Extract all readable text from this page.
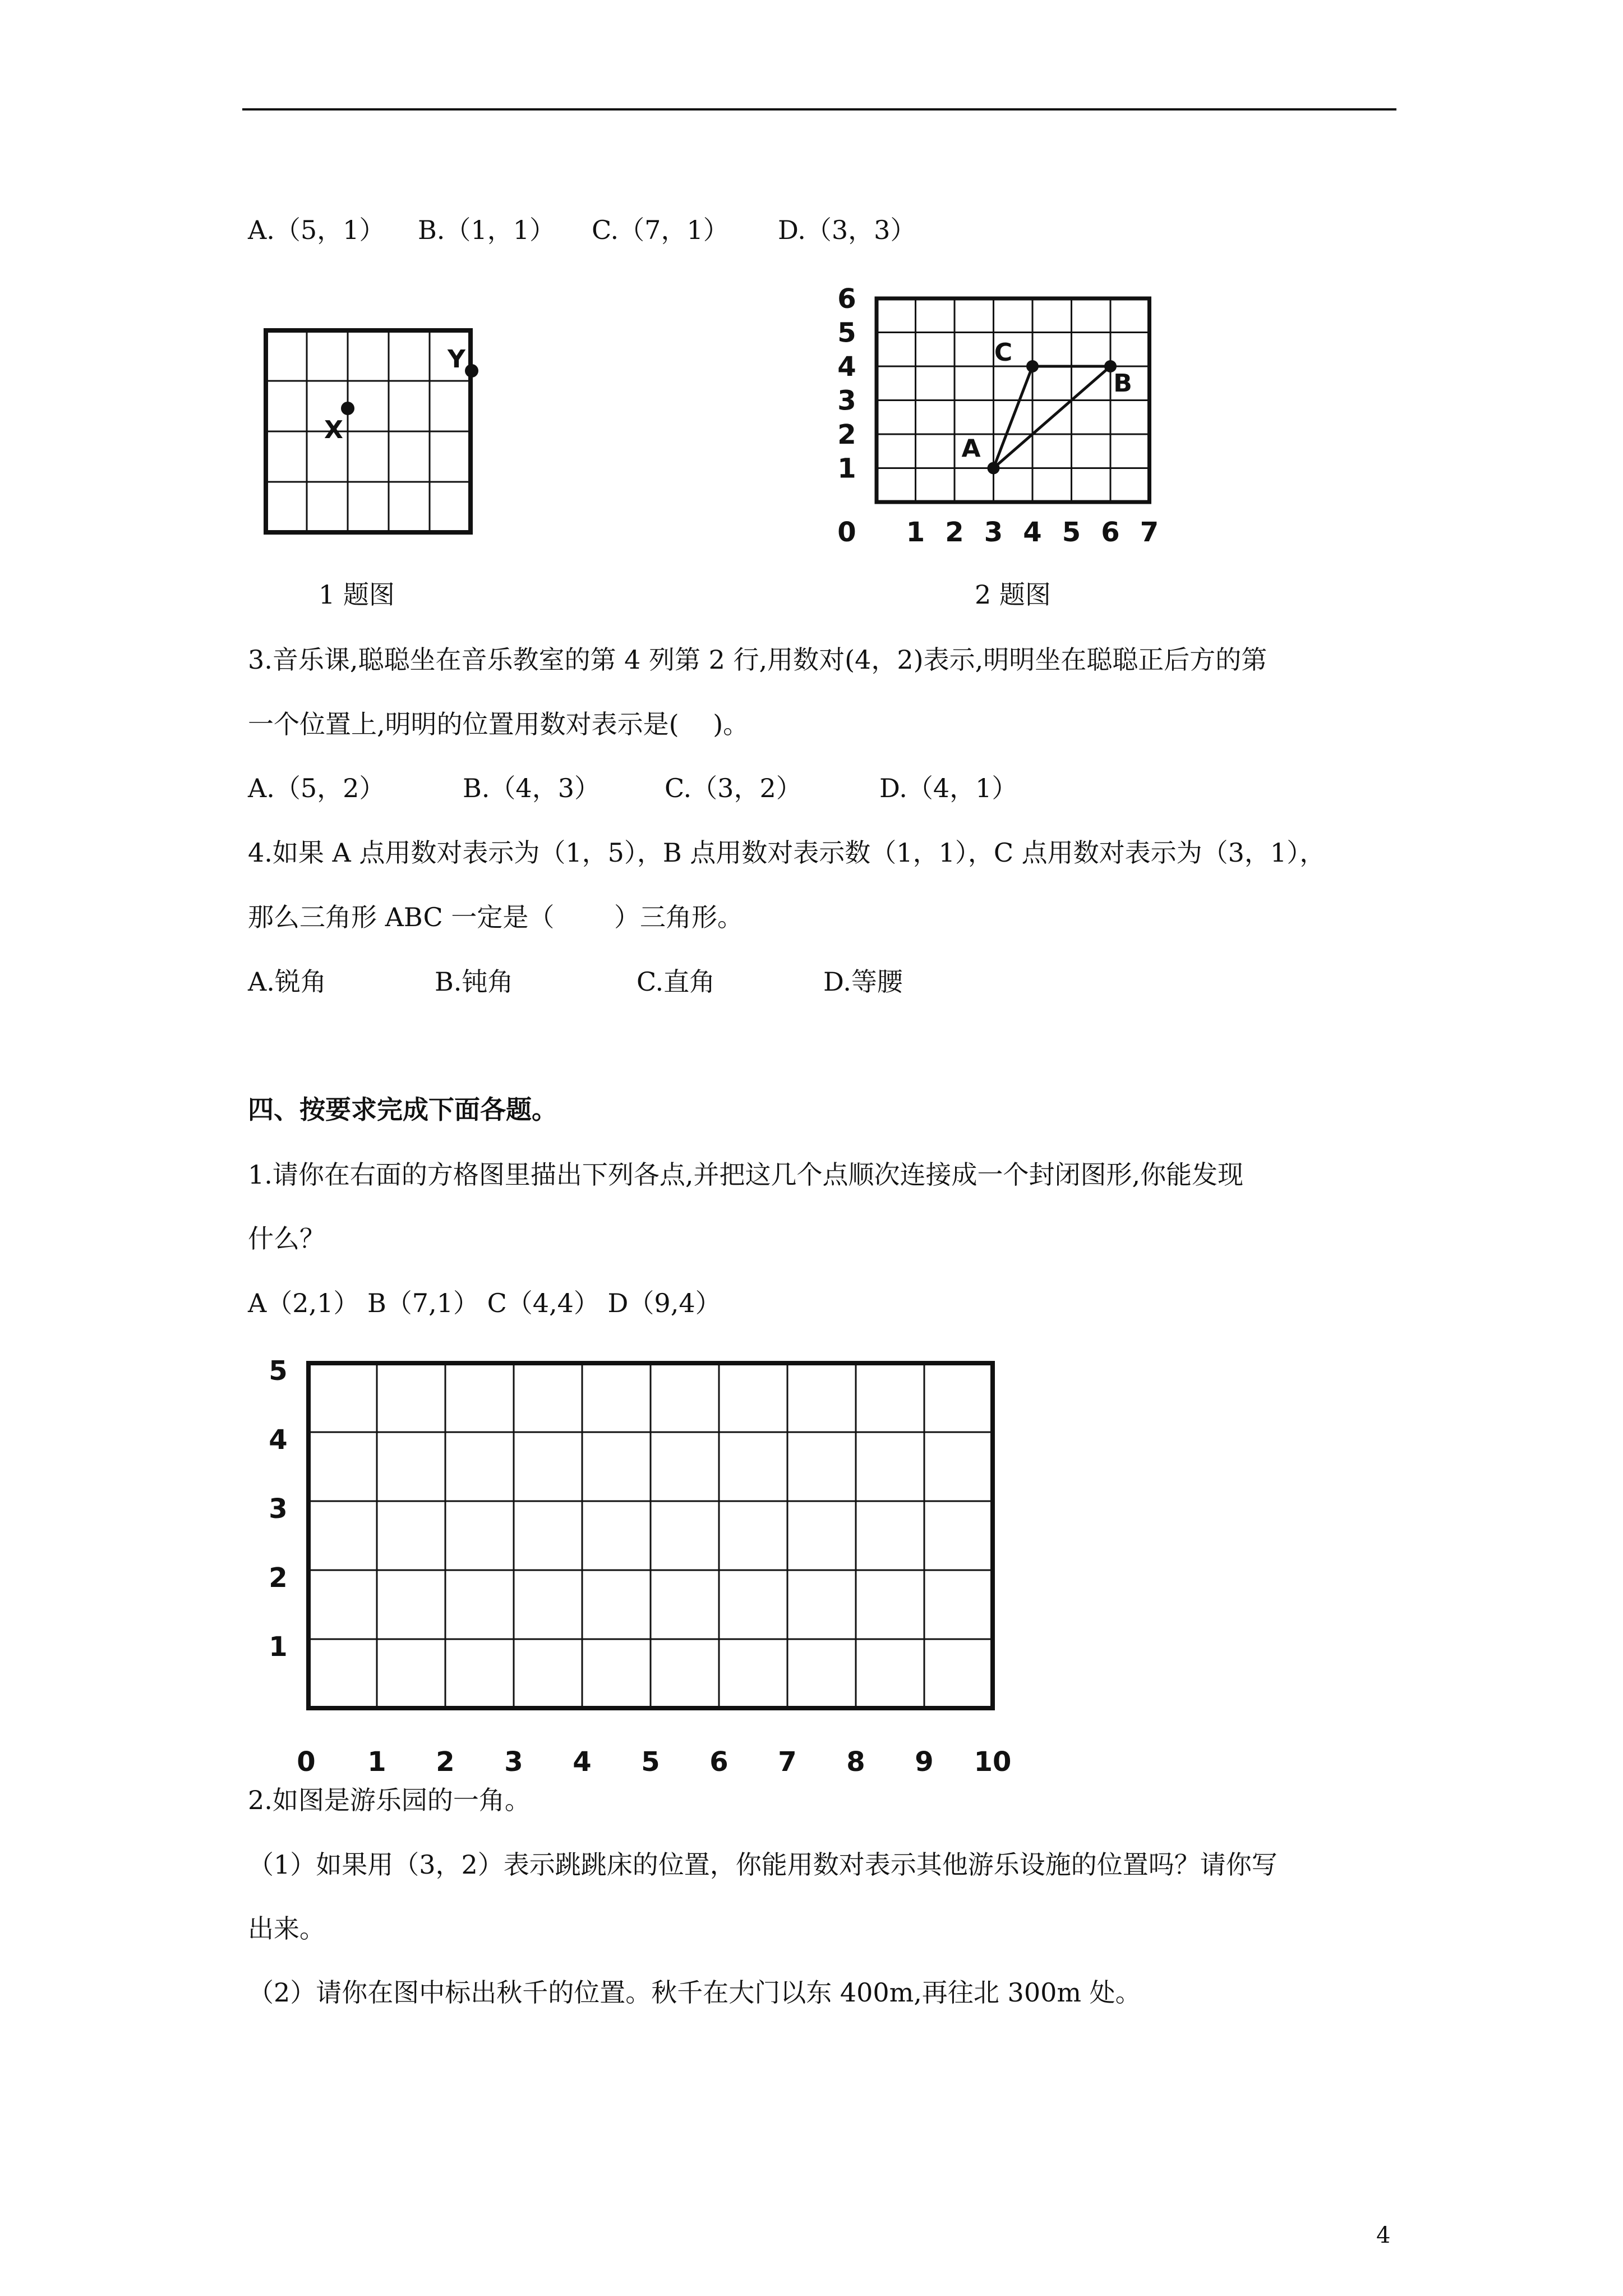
A.（5，1） B.（1，1） C.（7，1） D.（3，3）
X
Y
1 题图
0 1 2 3 4 5 6 7
1
2
3
4
5
6
A
B
C
2 题图
3.音乐课,聪聪坐在音乐教室的第 4 列第 2 行,用数对(4，2)表示,明明坐在聪聪正后方的第
一个位置上,明明的位置用数对表示是(　 )。
A.（5，2）	B.（4，3）	C.（3，2）	D.（4，1）
4.如果 A 点用数对表示为（1，5），B 点用数对表示数（1，1），C 点用数对表示为（3，1），
那么三角形 ABC 一定是（　　 ）三角形。
A.锐角	B.钝角	C.直角	D.等腰
四、按要求完成下面各题。
1.请你在右面的方格图里描出下列各点,并把这几个点顺次连接成一个封闭图形,你能发现
什么？
A（2,1） B（7,1） C（4,4） D（9,4）
0 1 2 3 4 5 6 7 8 9 10
1
2
3
4
5
2.如图是游乐园的一角。
（1）如果用（3，2）表示跳跳床的位置，你能用数对表示其他游乐设施的位置吗？请你写
出来。
（2）请你在图中标出秋千的位置。秋千在大门以东 400m,再往北 300m 处。
4
